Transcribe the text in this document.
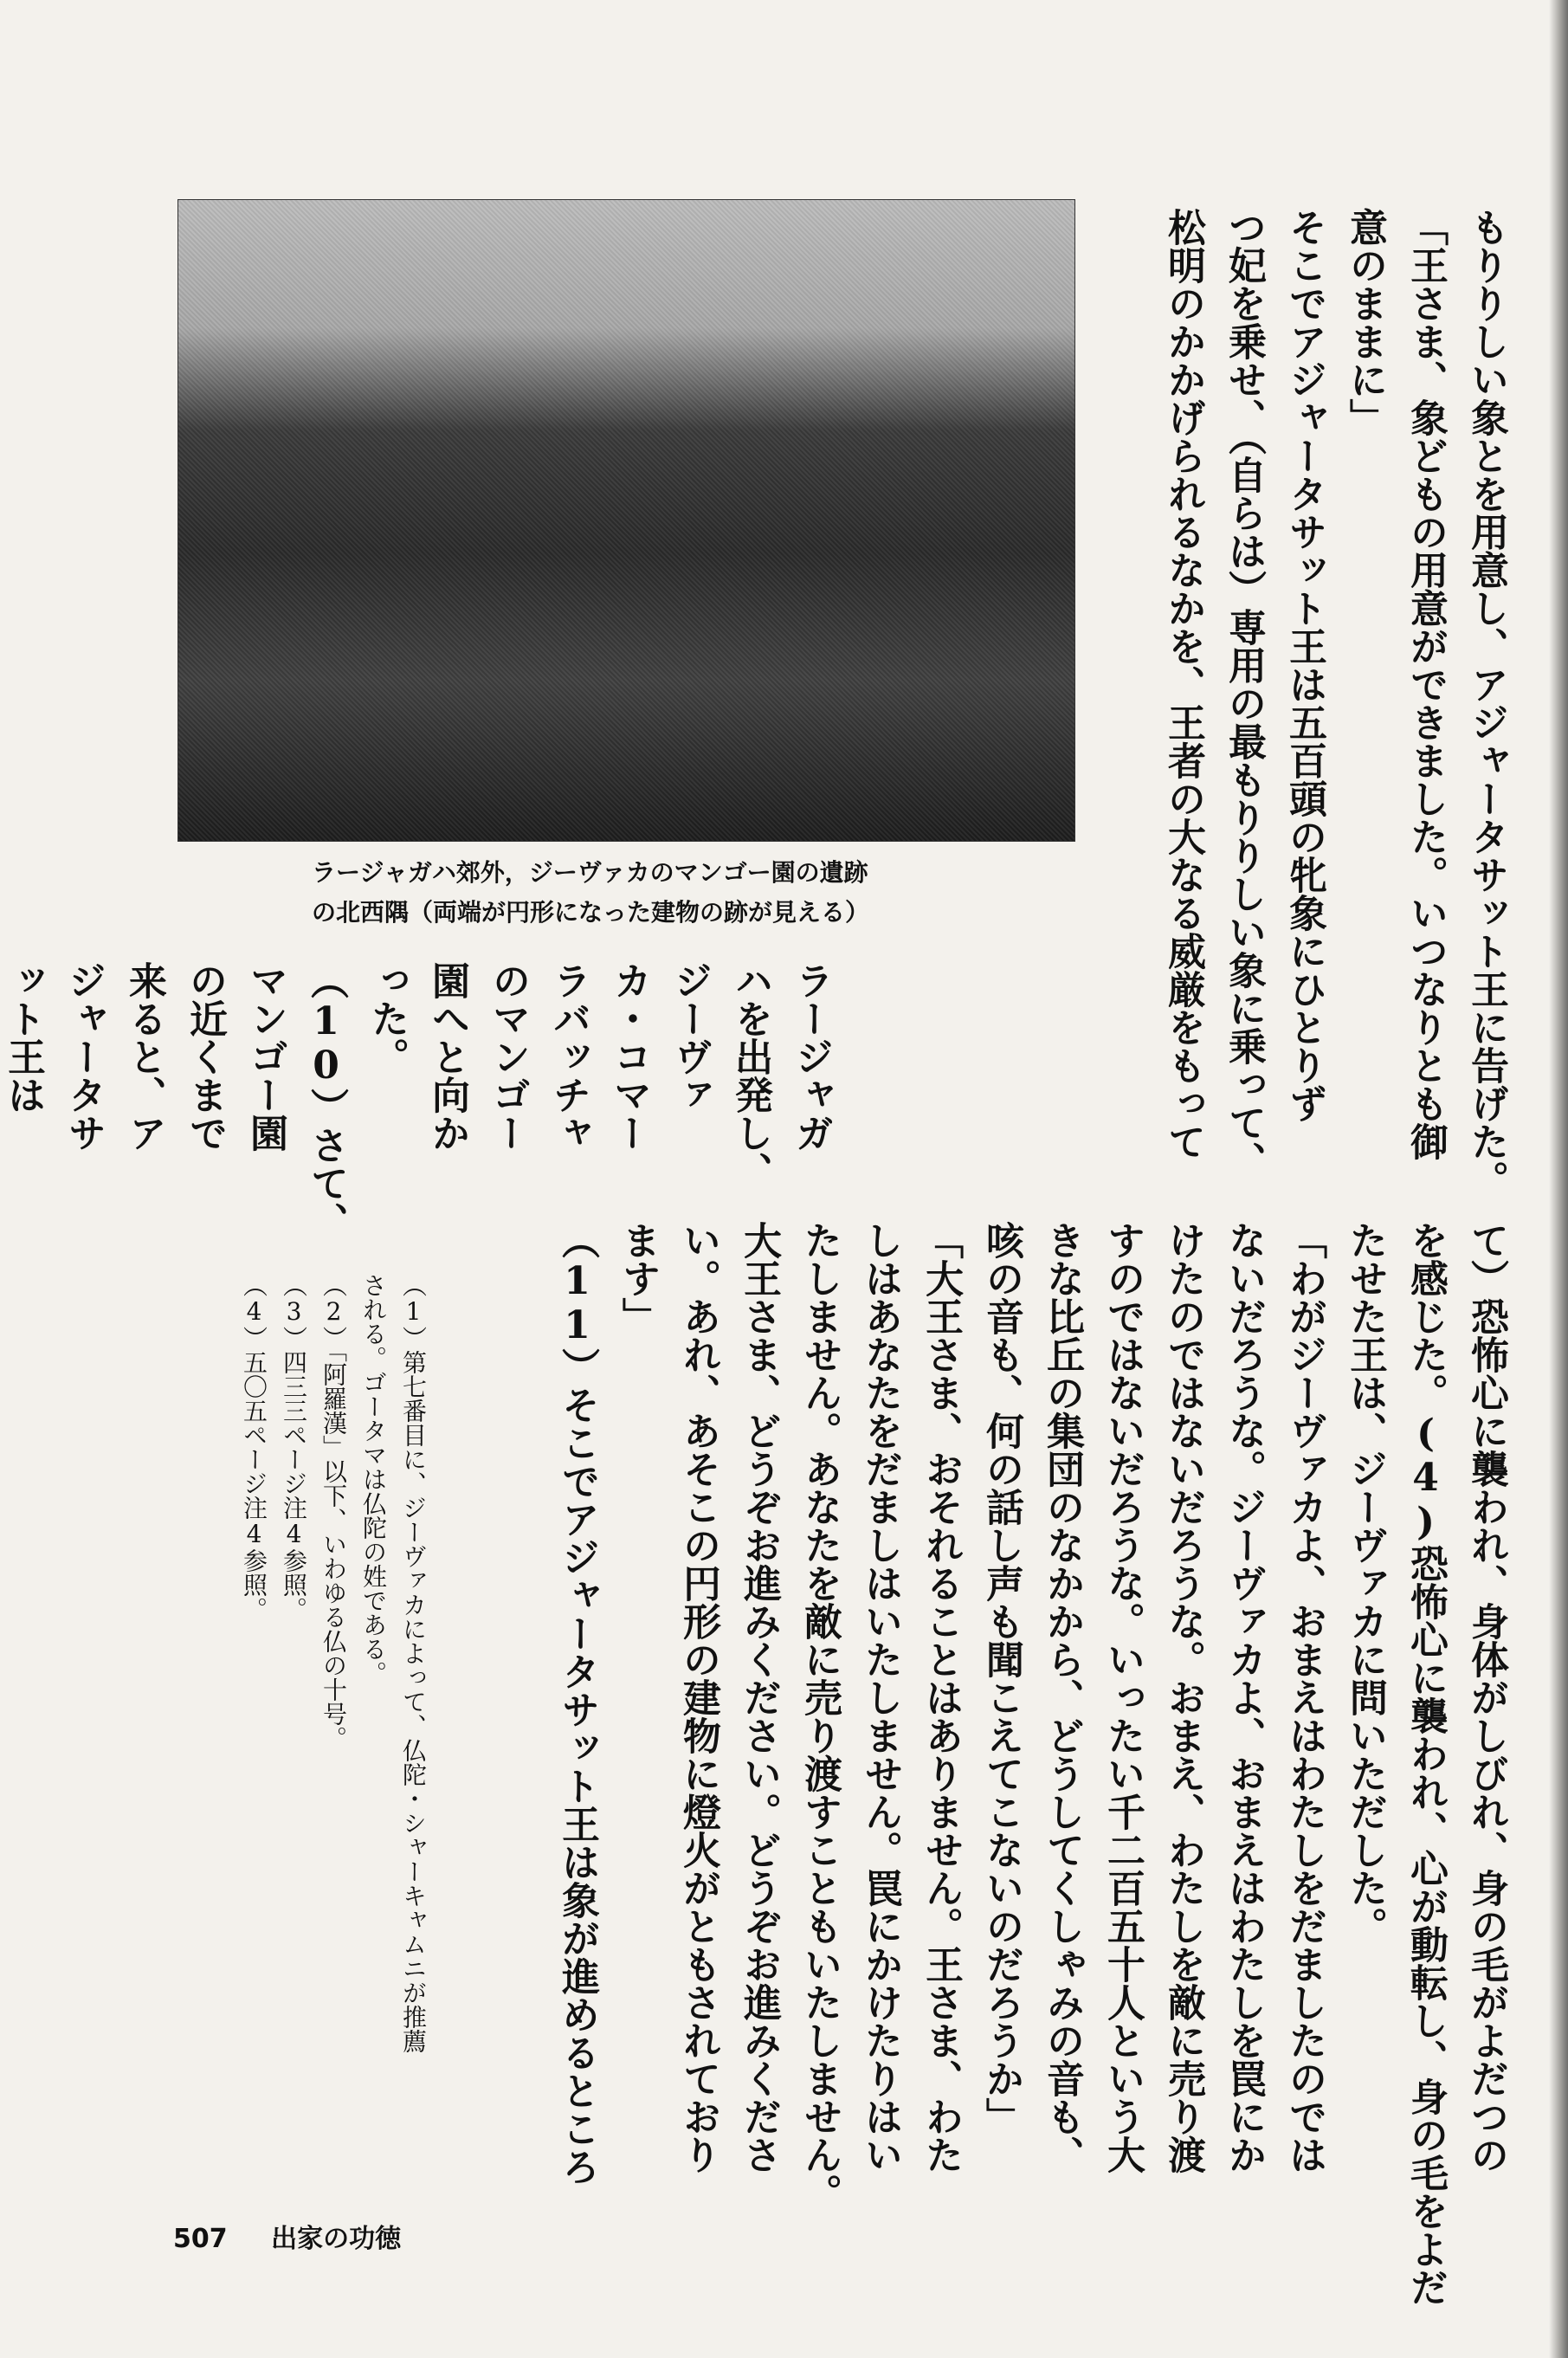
ラージャガハ郊外，ジーヴァカのマンゴー園の遺跡
の北西隅（両端が円形になった建物の跡が見える）	もりりしい象とを用意し、アジャータサット王に告げた。
「王さま、象どもの用意ができました。いつなりとも御
意のままに」
そこでアジャータサット王は五百頭の牝象にひとりず
つ妃を乗せ、（自らは）専用の最もりりしい象に乗って、
松明のかかげられるなかを、王者の大なる威厳をもって
ラージャガ
ハを出発し、
ジーヴァ
カ・コマー
ラバッチャ
のマンゴー
園へと向か
った。
（10）さて、
マンゴー園
の近くまで
来ると、ア
ジャータサ
ット王は
て）恐怖心に襲われ、身体がしびれ、身の毛がよだつの
を感じた。(4)恐怖心に襲われ、心が動転し、身の毛をよだ
たせた王は、ジーヴァカに問いただした。
「わがジーヴァカよ、おまえはわたしをだましたのでは
ないだろうな。ジーヴァカよ、おまえはわたしを罠にか
けたのではないだろうな。おまえ、わたしを敵に売り渡
すのではないだろうな。いったい千二百五十人という大
きな比丘の集団のなかから、どうしてくしゃみの音も、
咳の音も、何の話し声も聞こえてこないのだろうか」
「大王さま、おそれることはありません。王さま、わた
しはあなたをだましはいたしません。罠にかけたりはい
たしません。あなたを敵に売り渡すこともいたしません。
大王さま、どうぞお進みください。どうぞお進みくださ
い。あれ、あそこの円形の建物に燈火がともされており
ます」
（11）そこでアジャータサット王は象が進めるところ
（1）第七番目に、ジーヴァカによって、仏陀・シャーキャムニが推薦
される。ゴータマは仏陀の姓である。
（2）「阿羅漢」以下、いわゆる仏の十号。
（3）四三三ページ注4参照。
（4）五〇五ページ注4参照。
507 出家の功徳
